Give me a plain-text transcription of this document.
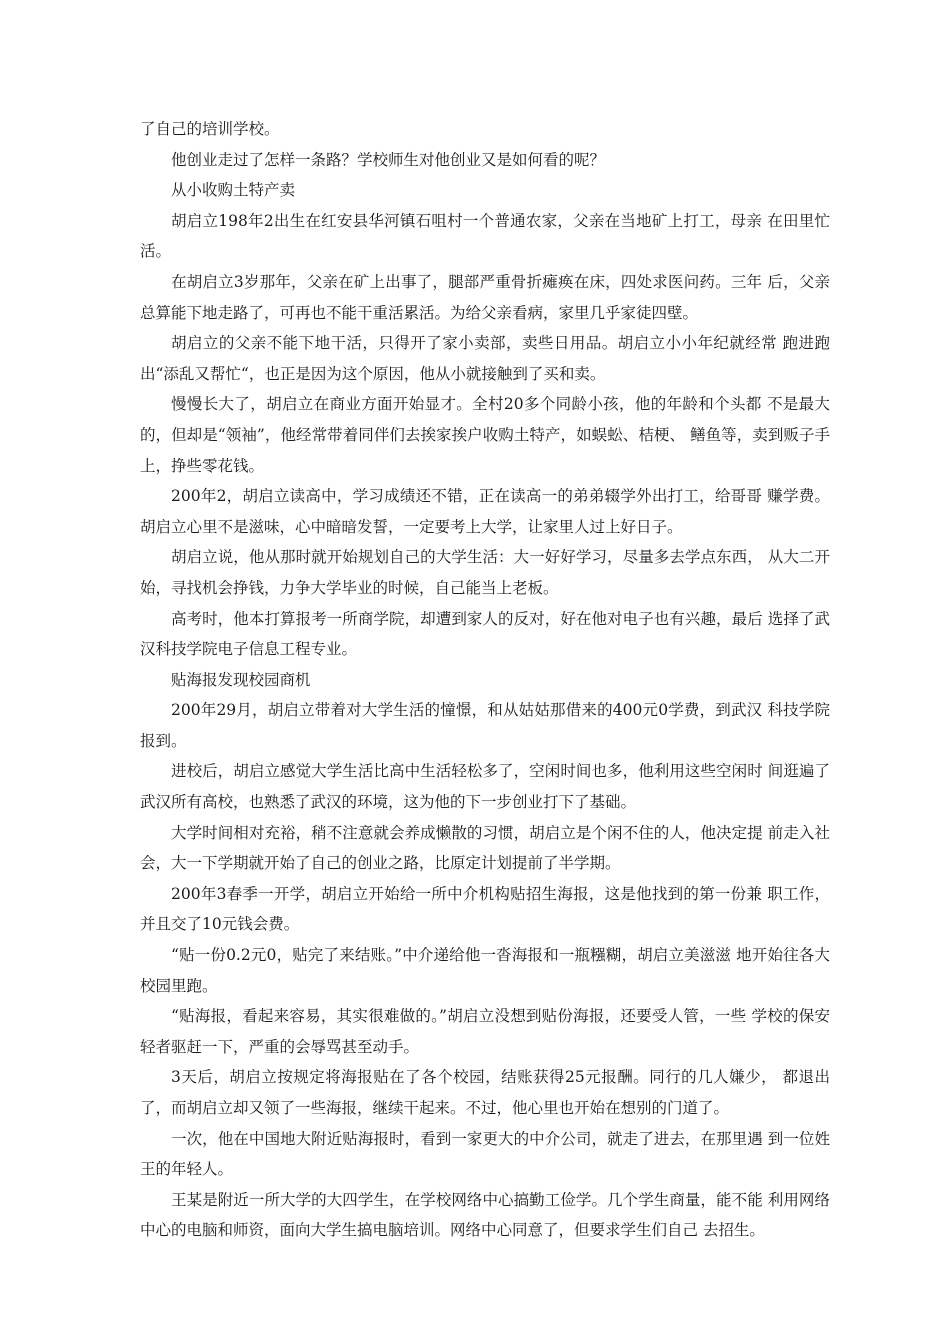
了自己的培训学校。

他创业走过了怎样一条路？学校师生对他创业又是如何看的呢？

从小收购土特产卖

胡启立198年2出生在红安县华河镇石咀村一个普通农家，父亲在当地矿上打工，母亲 在田里忙活。

在胡启立3岁那年，父亲在矿上出事了，腿部严重骨折瘫痪在床，四处求医问药。三年 后，父亲总算能下地走路了，可再也不能干重活累活。为给父亲看病，家里几乎家徒四壁。

胡启立的父亲不能下地干活，只得开了家小卖部，卖些日用品。胡启立小小年纪就经常 跑进跑出“添乱又帮忙“，也正是因为这个原因，他从小就接触到了买和卖。

慢慢长大了，胡启立在商业方面开始显才。全村20多个同龄小孩，他的年龄和个头都 不是最大的，但却是“领袖”，他经常带着同伴们去挨家挨户收购土特产，如蜈蚣、桔梗、 鳝鱼等，卖到贩子手上，挣些零花钱。

200年2，胡启立读高中，学习成绩还不错，正在读高一的弟弟辍学外出打工，给哥哥 赚学费。胡启立心里不是滋味，心中暗暗发誓，一定要考上大学，让家里人过上好日子。

胡启立说，他从那时就开始规划自己的大学生活：大一好好学习，尽量多去学点东西， 从大二开始，寻找机会挣钱，力争大学毕业的时候，自己能当上老板。

高考时，他本打算报考一所商学院，却遭到家人的反对，好在他对电子也有兴趣，最后 选择了武汉科技学院电子信息工程专业。

贴海报发现校园商机

200年29月，胡启立带着对大学生活的憧憬，和从姑姑那借来的400元0学费，到武汉 科技学院报到。

进校后，胡启立感觉大学生活比高中生活轻松多了，空闲时间也多，他利用这些空闲时 间逛遍了武汉所有高校，也熟悉了武汉的环境，这为他的下一步创业打下了基础。

大学时间相对充裕，稍不注意就会养成懒散的习惯，胡启立是个闲不住的人，他决定提 前走入社会，大一下学期就开始了自己的创业之路，比原定计划提前了半学期。

200年3春季一开学，胡启立开始给一所中介机构贴招生海报，这是他找到的第一份兼 职工作，并且交了10元钱会费。

“贴一份0.2元0，贴完了来结账。”中介递给他一沓海报和一瓶糨糊，胡启立美滋滋 地开始往各大校园里跑。

“贴海报，看起来容易，其实很难做的。”胡启立没想到贴份海报，还要受人管，一些 学校的保安轻者驱赶一下，严重的会辱骂甚至动手。

3天后，胡启立按规定将海报贴在了各个校园，结账获得25元报酬。同行的几人嫌少， 都退出了，而胡启立却又领了一些海报，继续干起来。不过，他心里也开始在想别的门道了。

一次，他在中国地大附近贴海报时，看到一家更大的中介公司，就走了进去，在那里遇 到一位姓王的年轻人。

王某是附近一所大学的大四学生，在学校网络中心搞勤工俭学。几个学生商量，能不能 利用网络中心的电脑和师资，面向大学生搞电脑培训。网络中心同意了，但要求学生们自己 去招生。
